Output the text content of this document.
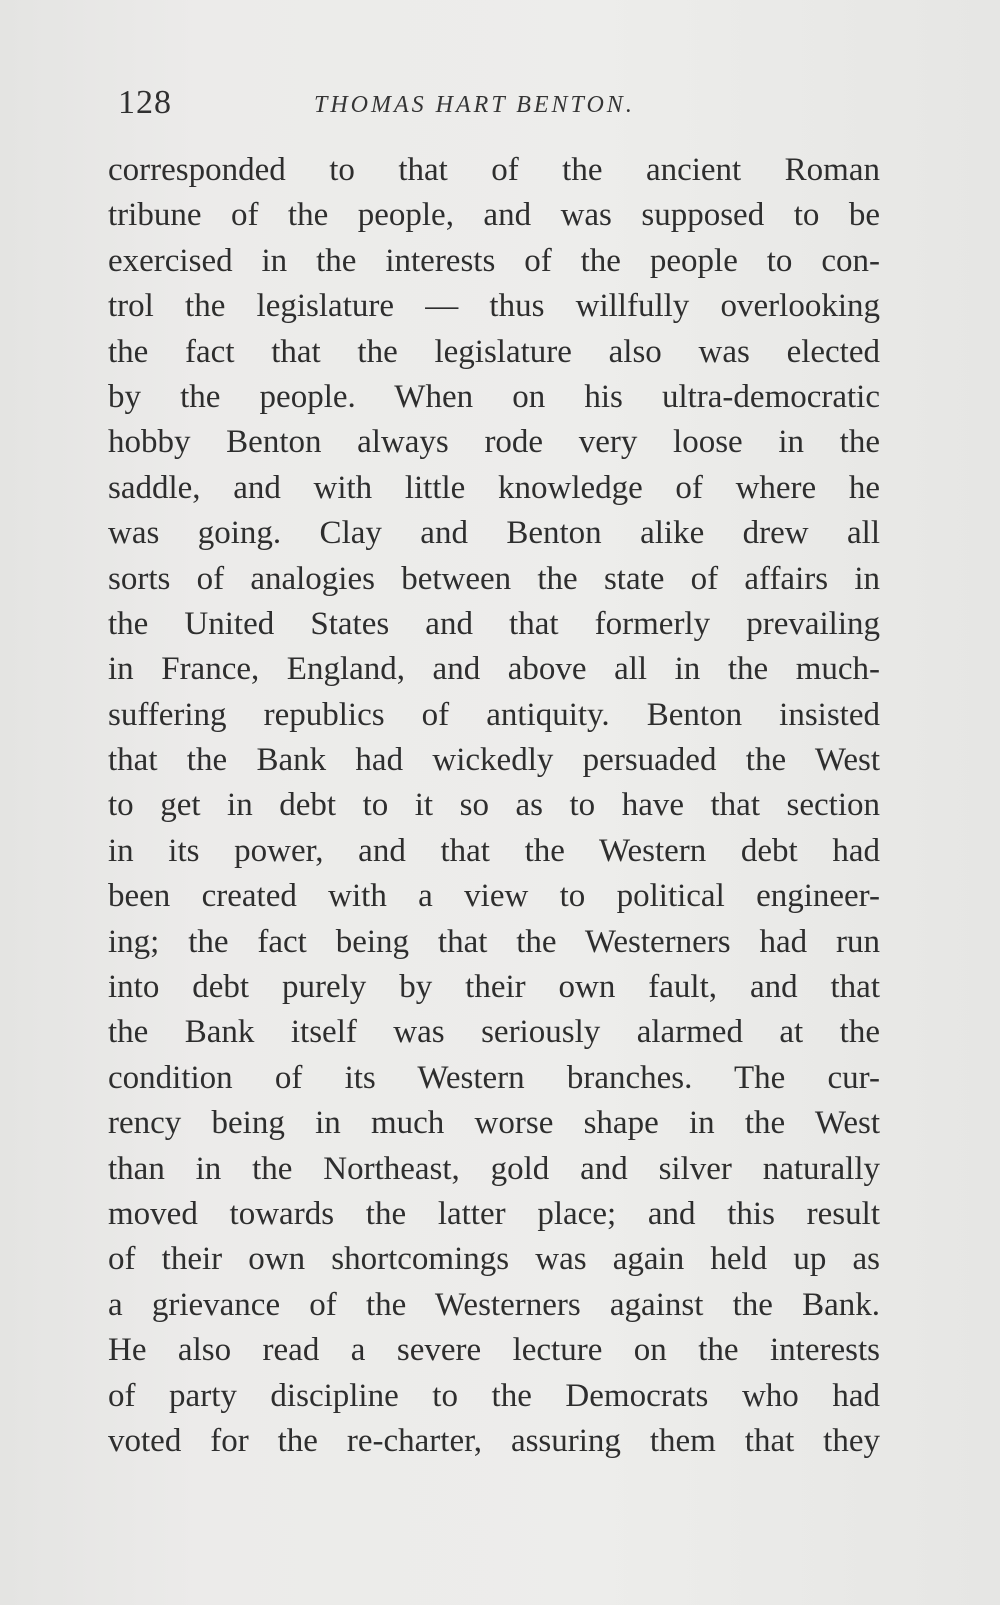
128	THOMAS HART BENTON.
corresponded to that of the ancient Roman
tribune of the people, and was supposed to be
exercised in the interests of the people to con-
trol the legislature — thus willfully overlooking
the fact that the legislature also was elected
by the people. When on his ultra-democratic
hobby Benton always rode very loose in the
saddle, and with little knowledge of where he
was going. Clay and Benton alike drew all
sorts of analogies between the state of affairs in
the United States and that formerly prevailing
in France, England, and above all in the much-
suffering republics of antiquity. Benton insisted
that the Bank had wickedly persuaded the West
to get in debt to it so as to have that section
in its power, and that the Western debt had
been created with a view to political engineer-
ing; the fact being that the Westerners had run
into debt purely by their own fault, and that
the Bank itself was seriously alarmed at the
condition of its Western branches. The cur-
rency being in much worse shape in the West
than in the Northeast, gold and silver naturally
moved towards the latter place; and this result
of their own shortcomings was again held up as
a grievance of the Westerners against the Bank.
He also read a severe lecture on the interests
of party discipline to the Democrats who had
voted for the re-charter, assuring them that they
